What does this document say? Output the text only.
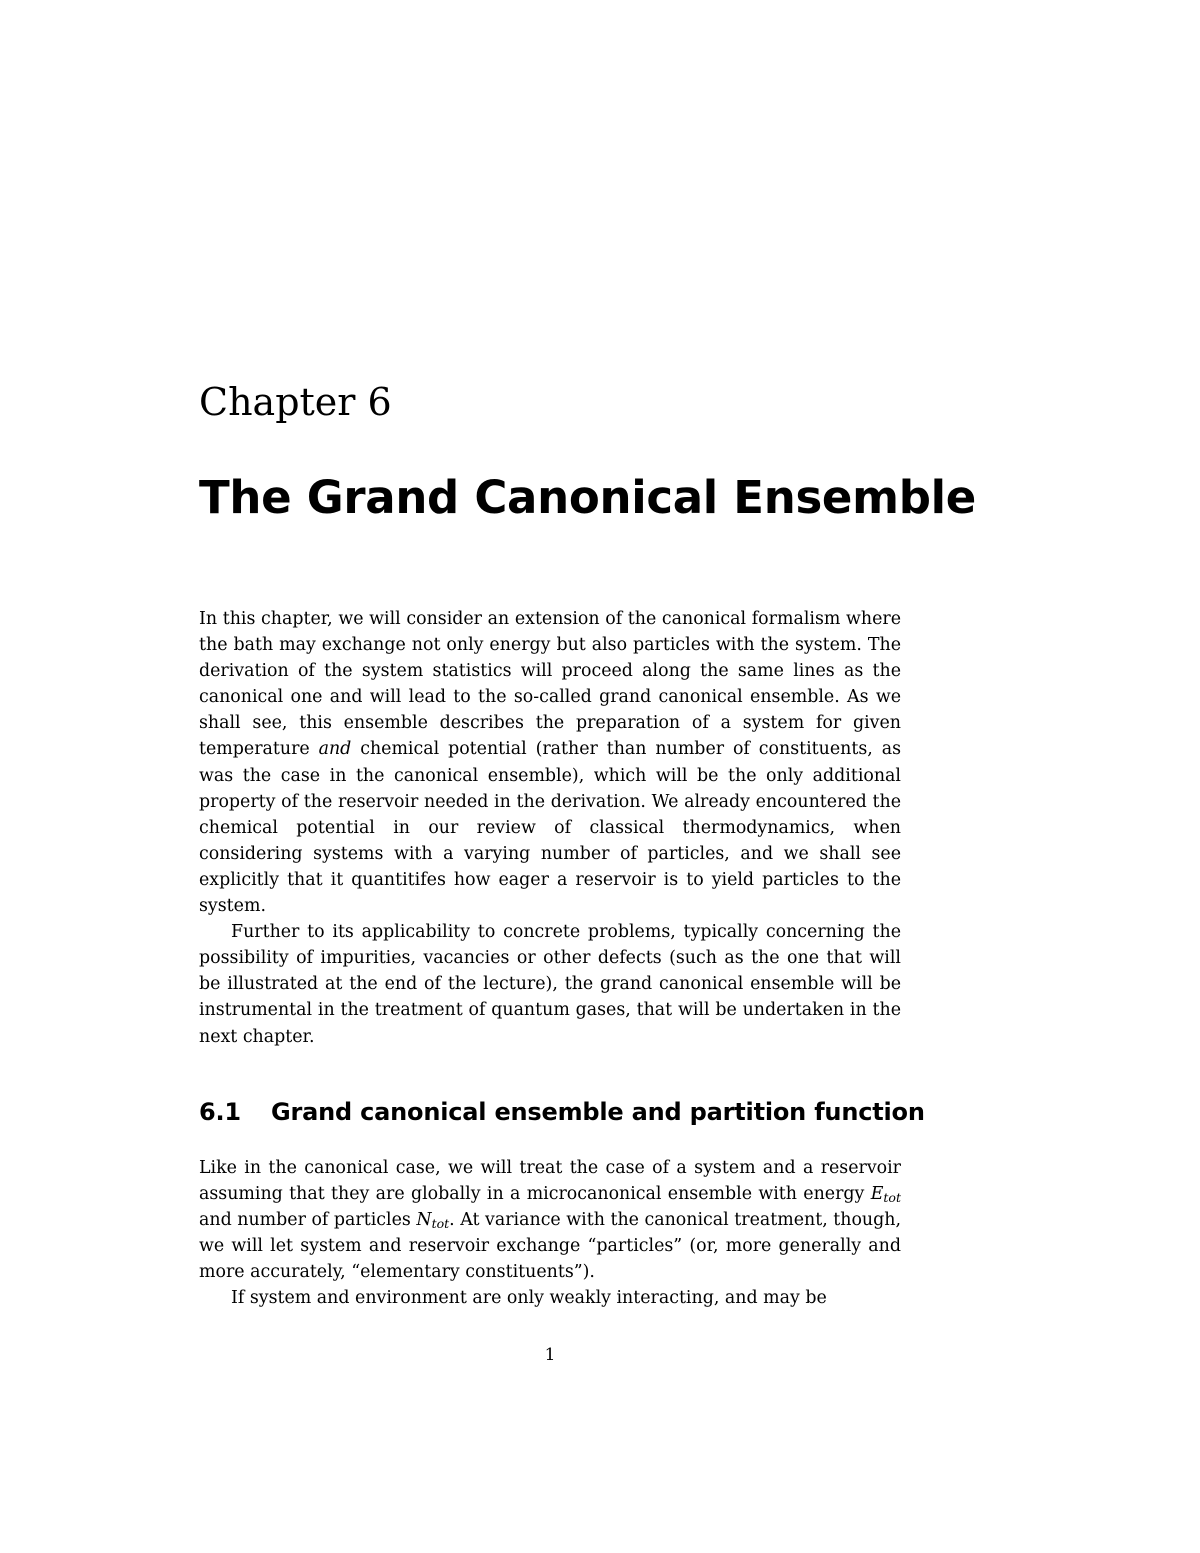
Chapter 6
The Grand Canonical Ensemble

In this chapter, we will consider an extension of the canonical formalism where the bath may exchange not only energy but also particles with the system. The derivation of the system statistics will proceed along the same lines as the canonical one and will lead to the so-called grand canonical ensemble. As we shall see, this ensemble describes the preparation of a system for given temperature and chemical potential (rather than number of constituents, as was the case in the canonical ensemble), which will be the only additional property of the reservoir needed in the derivation. We already encountered the chemical potential in our review of classical thermodynamics, when considering systems with a varying number of particles, and we shall see explicitly that it quantitifes how eager a reservoir is to yield particles to the system.

Further to its applicability to concrete problems, typically concerning the possibility of impurities, vacancies or other defects (such as the one that will be illustrated at the end of the lecture), the grand canonical ensemble will be instrumental in the treatment of quantum gases, that will be undertaken in the next chapter.

6.1 Grand canonical ensemble and partition function

Like in the canonical case, we will treat the case of a system and a reservoir assuming that they are globally in a microcanonical ensemble with energy $E_{tot}$ and number of particles $N_{tot}$. At variance with the canonical treatment, though, we will let system and reservoir exchange “particles” (or, more generally and more accurately, “elementary constituents”).

If system and environment are only weakly interacting, and may be

1
